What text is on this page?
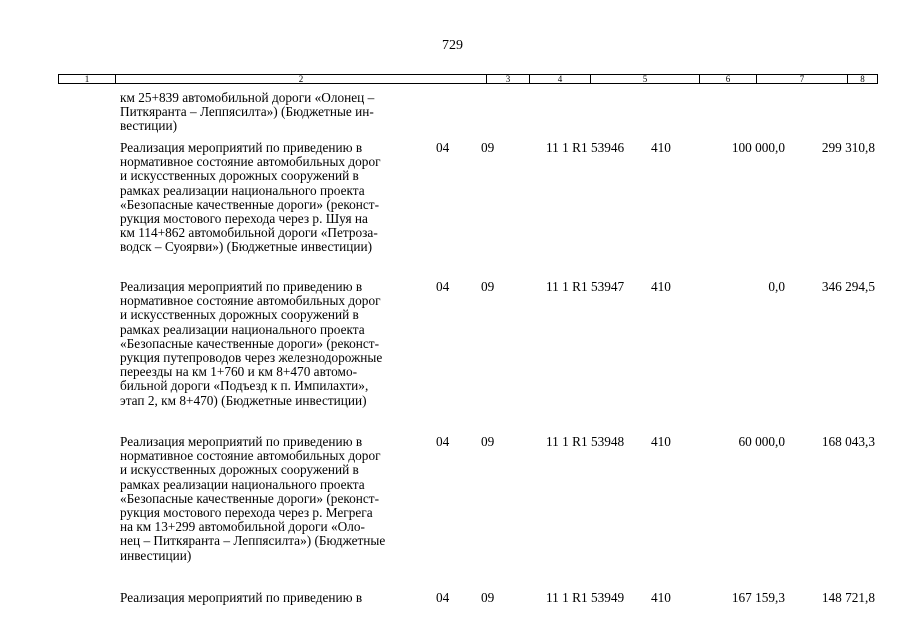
729
1	2	3	4	5	6	7	8
км 25+839 автомобильной дороги «Олонец –
Питкяранта – Леппясилта») (Бюджетные ин-
вестиции)
Реализация мероприятий по приведению в
нормативное состояние автомобильных дорог
и искусственных дорожных сооружений в
рамках реализации национального проекта
«Безопасные качественные дороги» (реконст-
рукция мостового перехода через р. Шуя на
км 114+862 автомобильной дороги «Петроза-
водск – Суоярви») (Бюджетные инвестиции)
04 09	11 1 R1 53946 410	100 000,0	299 310,8
Реализация мероприятий по приведению в
нормативное состояние автомобильных дорог
и искусственных дорожных сооружений в
рамках реализации национального проекта
«Безопасные качественные дороги» (реконст-
рукция путепроводов через железнодорожные
переезды на км 1+760 и км 8+470 автомо-
бильной дороги «Подъезд к п. Импилахти»,
этап 2, км 8+470) (Бюджетные инвестиции)
04 09	11 1 R1 53947 410	0,0	346 294,5
Реализация мероприятий по приведению в
нормативное состояние автомобильных дорог
и искусственных дорожных сооружений в
рамках реализации национального проекта
«Безопасные качественные дороги» (реконст-
рукция мостового перехода через р. Мегрега
на км 13+299 автомобильной дороги «Оло-
нец – Питкяранта – Леппясилта») (Бюджетные
инвестиции)
04 09	11 1 R1 53948 410	60 000,0	168 043,3
Реализация мероприятий по приведению в	04 09	11 1 R1 53949 410	167 159,3	148 721,8
